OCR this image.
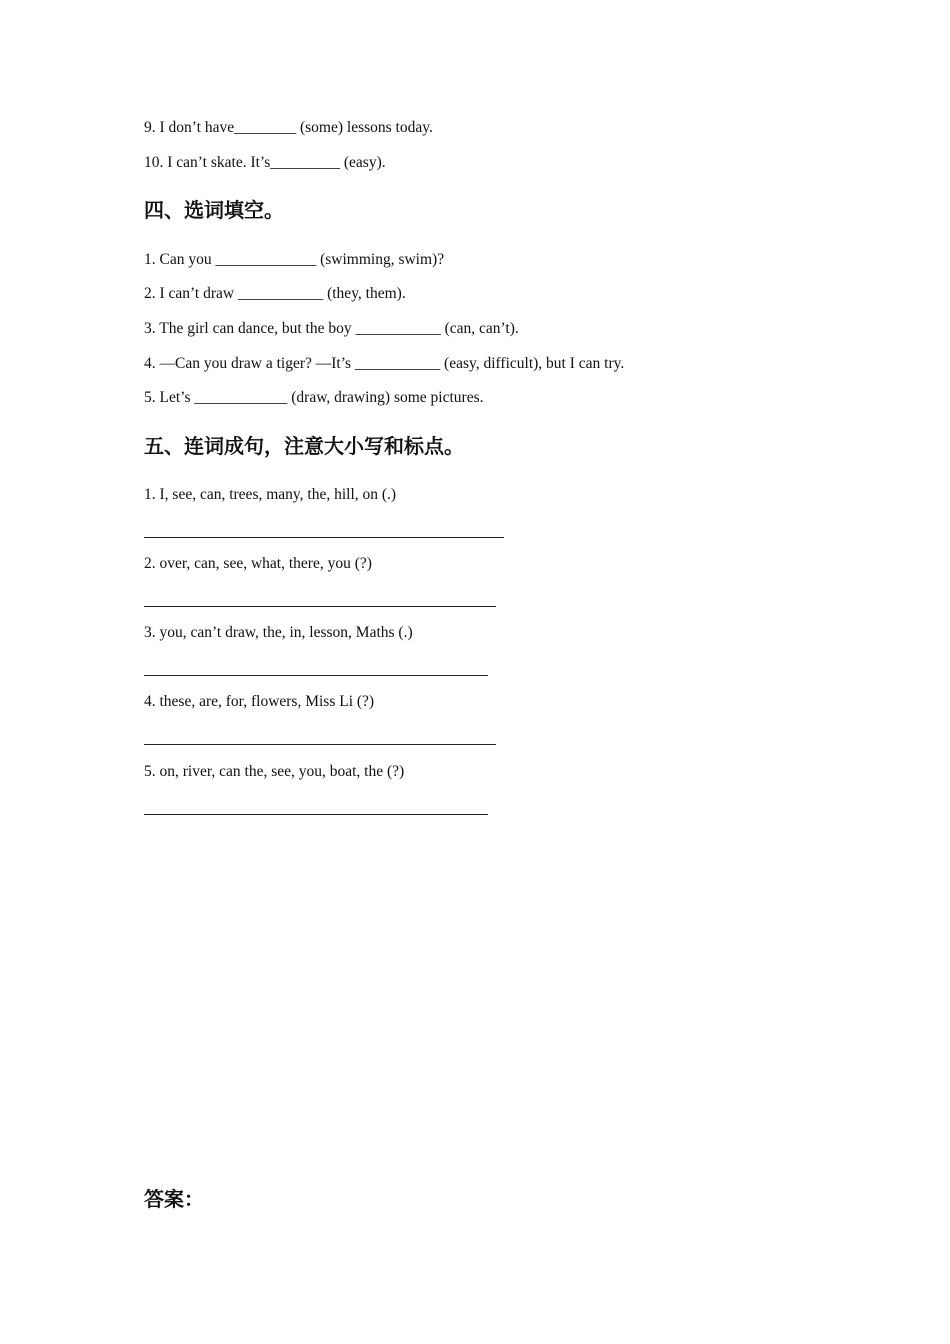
9. I don’t have________ (some) lessons today.
10. I can’t skate. It’s_________ (easy).
四、选词填空。
1. Can you _____________ (swimming, swim)?
2. I can’t draw ___________ (they, them).
3. The girl can dance, but the boy ___________ (can, can’t).
4. —Can you draw a tiger? —It’s ___________ (easy, difficult), but I can try.
5. Let’s ____________ (draw, drawing) some pictures.
五、连词成句，注意大小写和标点。
1. I, see, can, trees, many, the, hill, on (.)
2. over, can, see, what, there, you (?)
3. you, can’t draw, the, in, lesson, Maths (.)
4. these, are, for, flowers, Miss Li (?)
5. on, river, can the, see, you, boat, the (?)
答案：
